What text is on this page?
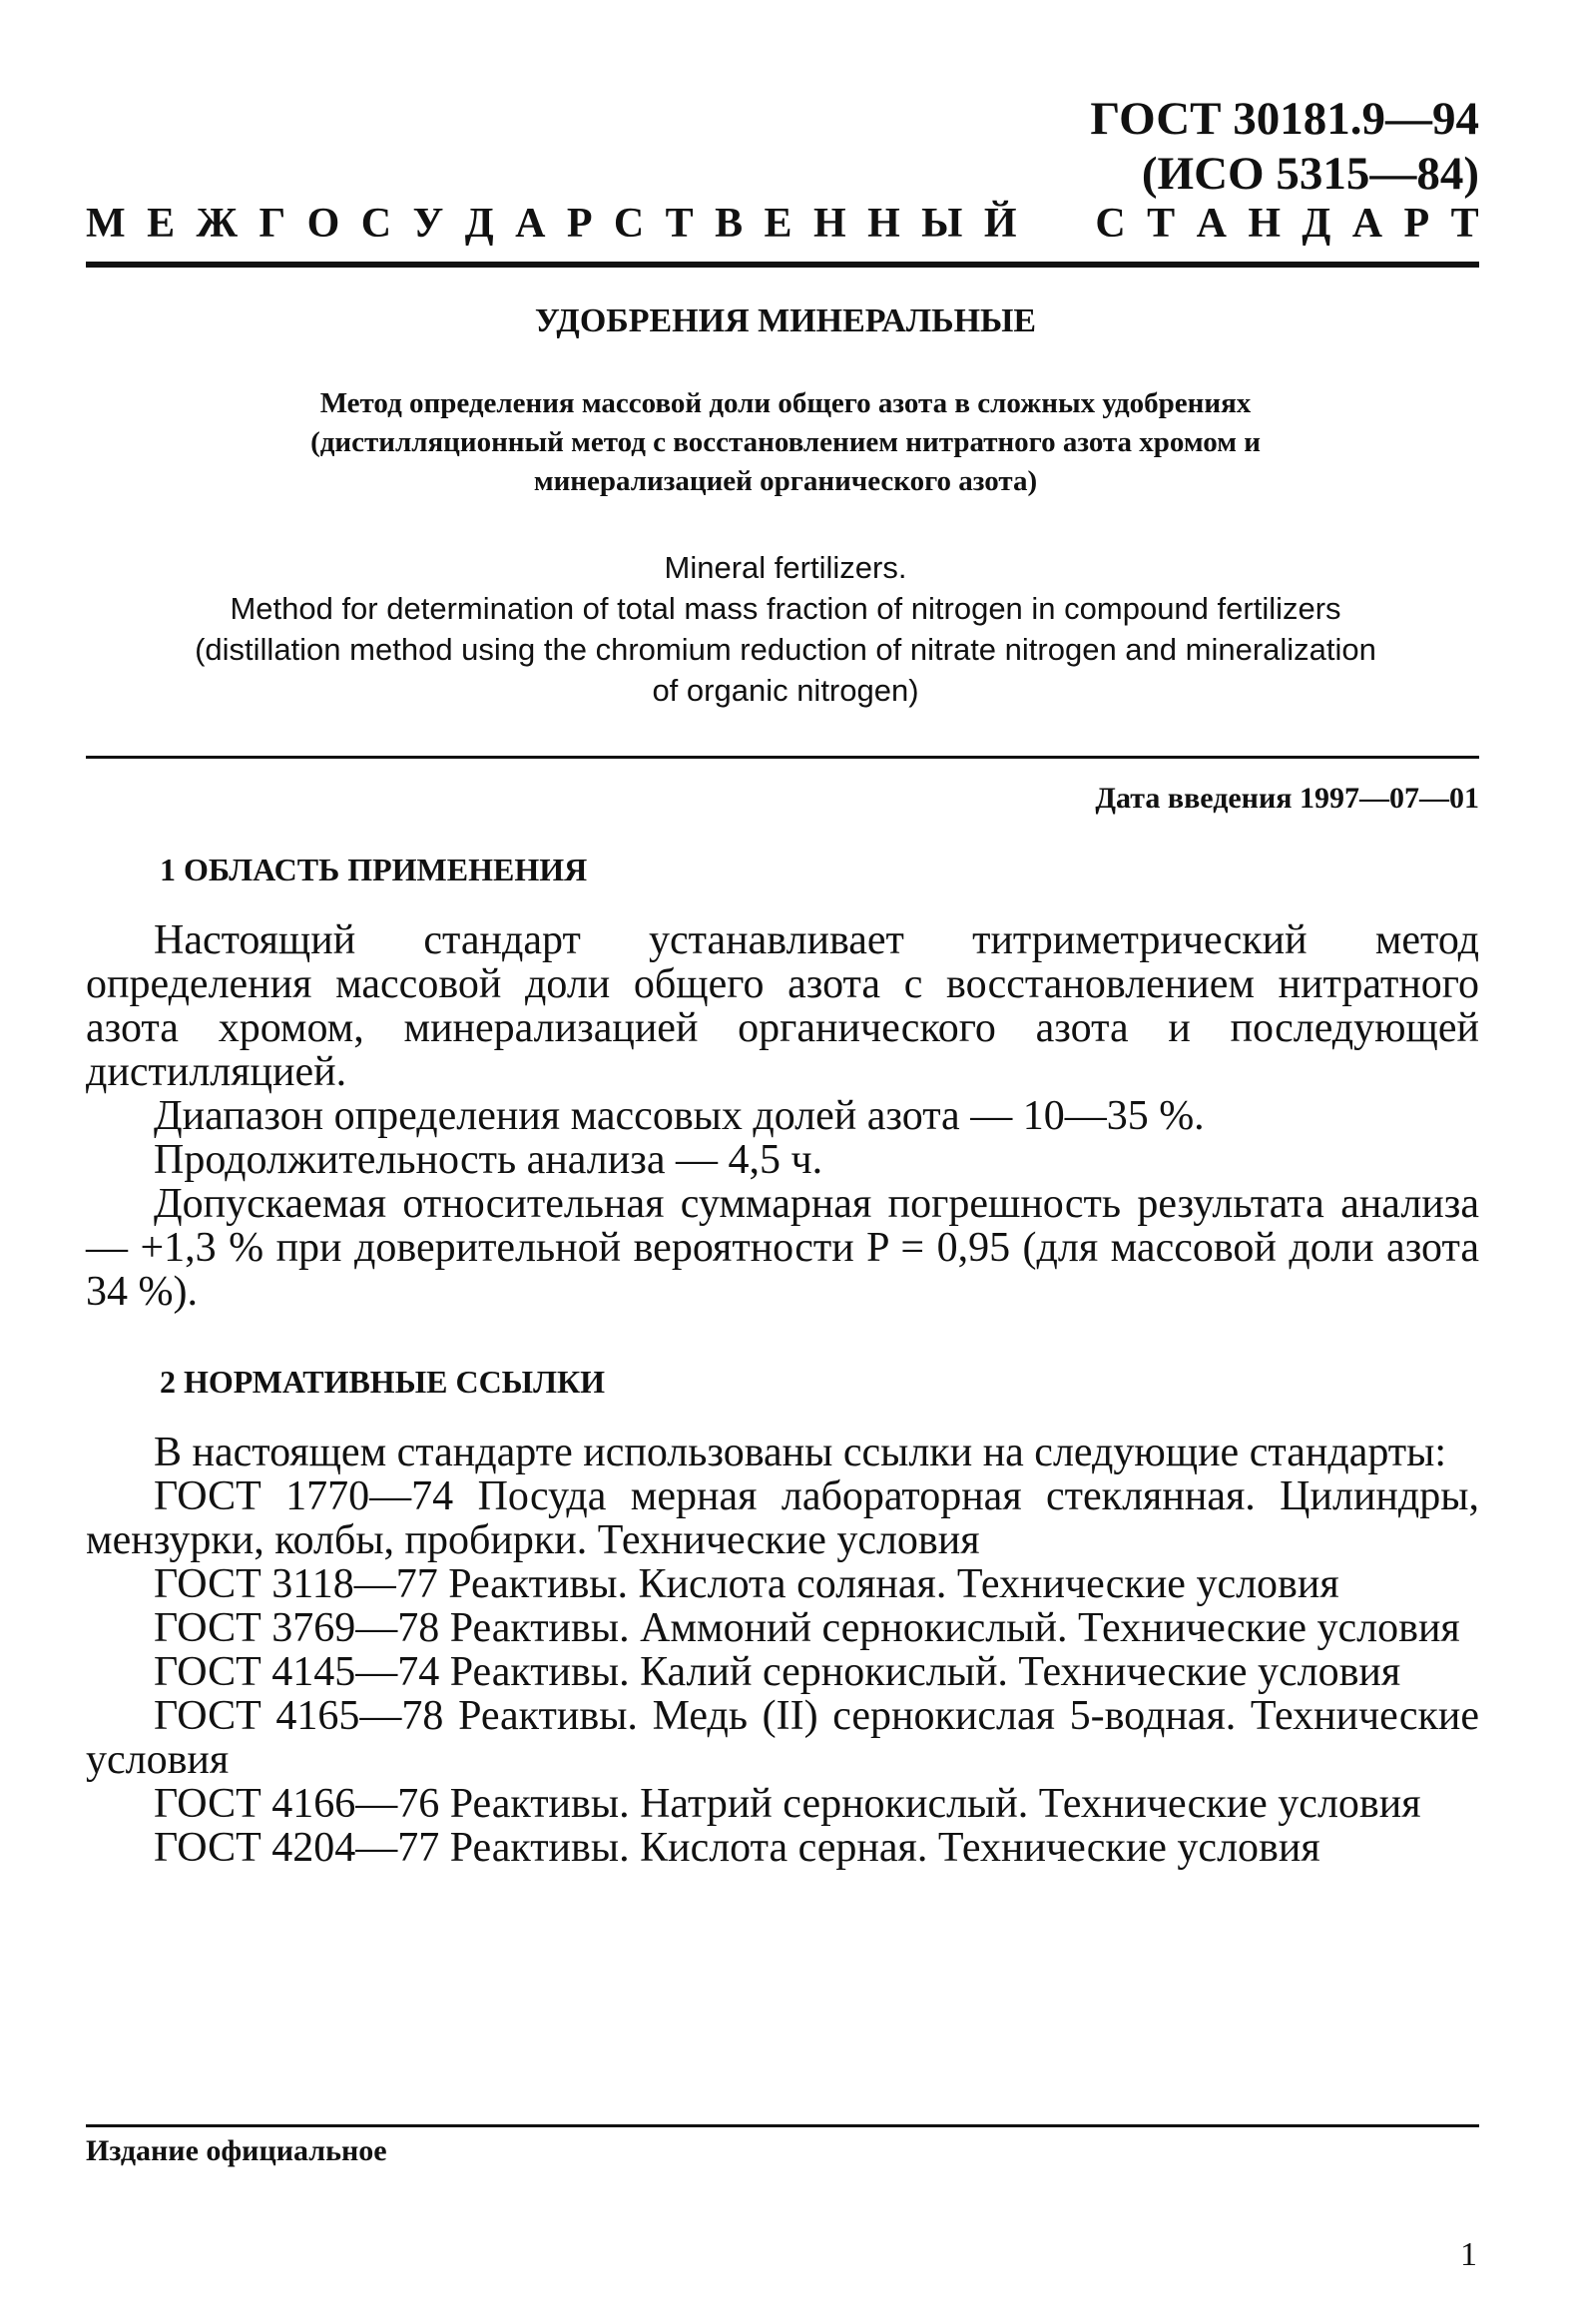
ГОСТ 30181.9—94
(ИСО 5315—84)
М Е Ж Г О С У Д А Р С Т В Е Н Н Ы Й С Т А Н Д А Р Т
УДОБРЕНИЯ МИНЕРАЛЬНЫЕ
Метод определения массовой доли общего азота в сложных удобрениях
(дистилляционный метод с восстановлением нитратного азота хромом и
минерализацией органического азота)
Mineral fertilizers.
Method for determination of total mass fraction of nitrogen in compound fertilizers
(distillation method using the chromium reduction of nitrate nitrogen and mineralization
of organic nitrogen)
Дата введения 1997—07—01
1 ОБЛАСТЬ ПРИМЕНЕНИЯ

Настоящий стандарт устанавливает титриметрический метод определения массовой доли общего азота с восстановлением нитратного азота хромом, минерализацией органического азота и последующей дистилляцией.

Диапазон определения массовых долей азота — 10—35 %.

Продолжительность анализа — 4,5 ч.

Допускаемая относительная суммарная погрешность результата анализа — +1,3 % при доверительной вероятности P = 0,95 (для массовой доли азота 34 %).

2 НОРМАТИВНЫЕ ССЫЛКИ

В настоящем стандарте использованы ссылки на следующие стандарты:

ГОСТ 1770—74 Посуда мерная лабораторная стеклянная. Цилиндры, мензурки, колбы, пробирки. Технические условия

ГОСТ 3118—77 Реактивы. Кислота соляная. Технические условия

ГОСТ 3769—78 Реактивы. Аммоний сернокислый. Технические условия

ГОСТ 4145—74 Реактивы. Калий сернокислый. Технические условия

ГОСТ 4165—78 Реактивы. Медь (II) сернокислая 5-водная. Технические условия

ГОСТ 4166—76 Реактивы. Натрий сернокислый. Технические условия

ГОСТ 4204—77 Реактивы. Кислота серная. Технические условия

Издание официальное
1
